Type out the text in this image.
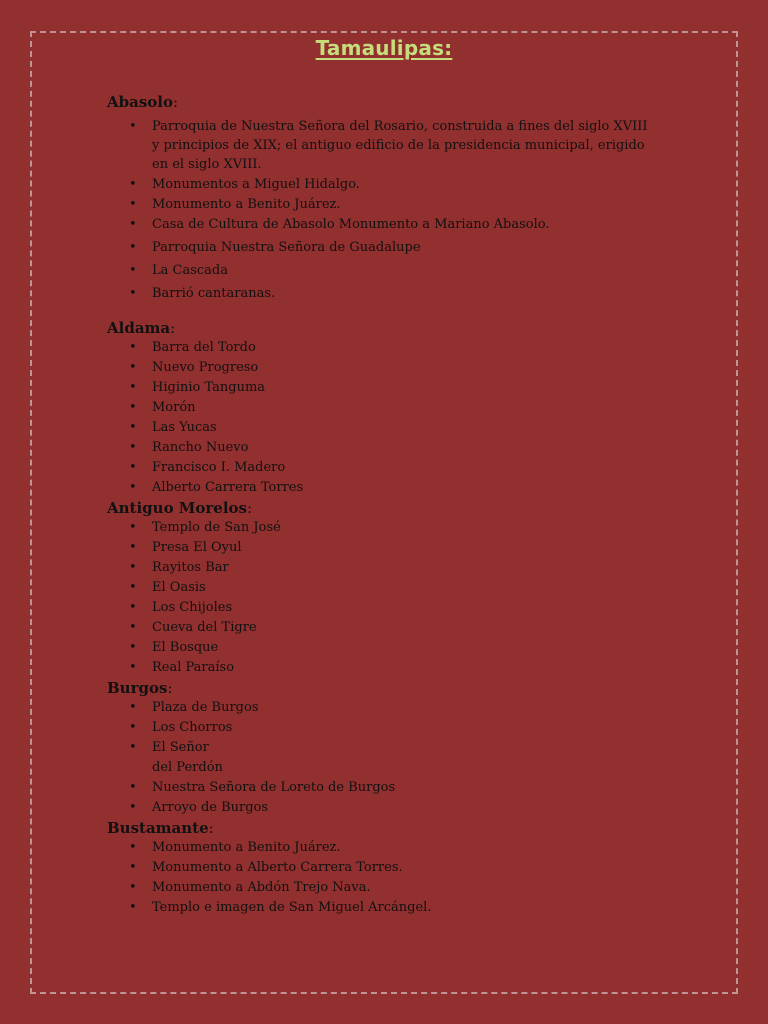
Tamaulipas:

Abasolo:

• Parroquia de Nuestra Señora del Rosario, construida a fines del siglo XVIII y principios de XIX; el antiguo edificio de la presidencia municipal, erigido en el siglo XVIII.
• Monumentos a Miguel Hidalgo.
• Monumento a Benito Juárez.
• Casa de Cultura de Abasolo Monumento a Mariano Abasolo.
• Parroquia Nuestra Señora de Guadalupe
• La Cascada
• Barrió cantaranas.

Aldama:

• Barra del Tordo
• Nuevo Progreso
• Higinio Tanguma
• Morón
• Las Yucas
• Rancho Nuevo
• Francisco I. Madero
• Alberto Carrera Torres

Antiguo Morelos:

• Templo de San José
• Presa El Oyul
• Rayitos Bar
• El Oasis
• Los Chijoles
• Cueva del Tigre
• El Bosque
• Real Paraíso

Burgos:

• Plaza de Burgos
• Los Chorros
• El Señor del Perdón
• Nuestra Señora de Loreto de Burgos
• Arroyo de Burgos

Bustamante:

• Monumento a Benito Juárez.
• Monumento a Alberto Carrera Torres.
• Monumento a Abdón Trejo Nava.
• Templo e imagen de San Miguel Arcángel.
